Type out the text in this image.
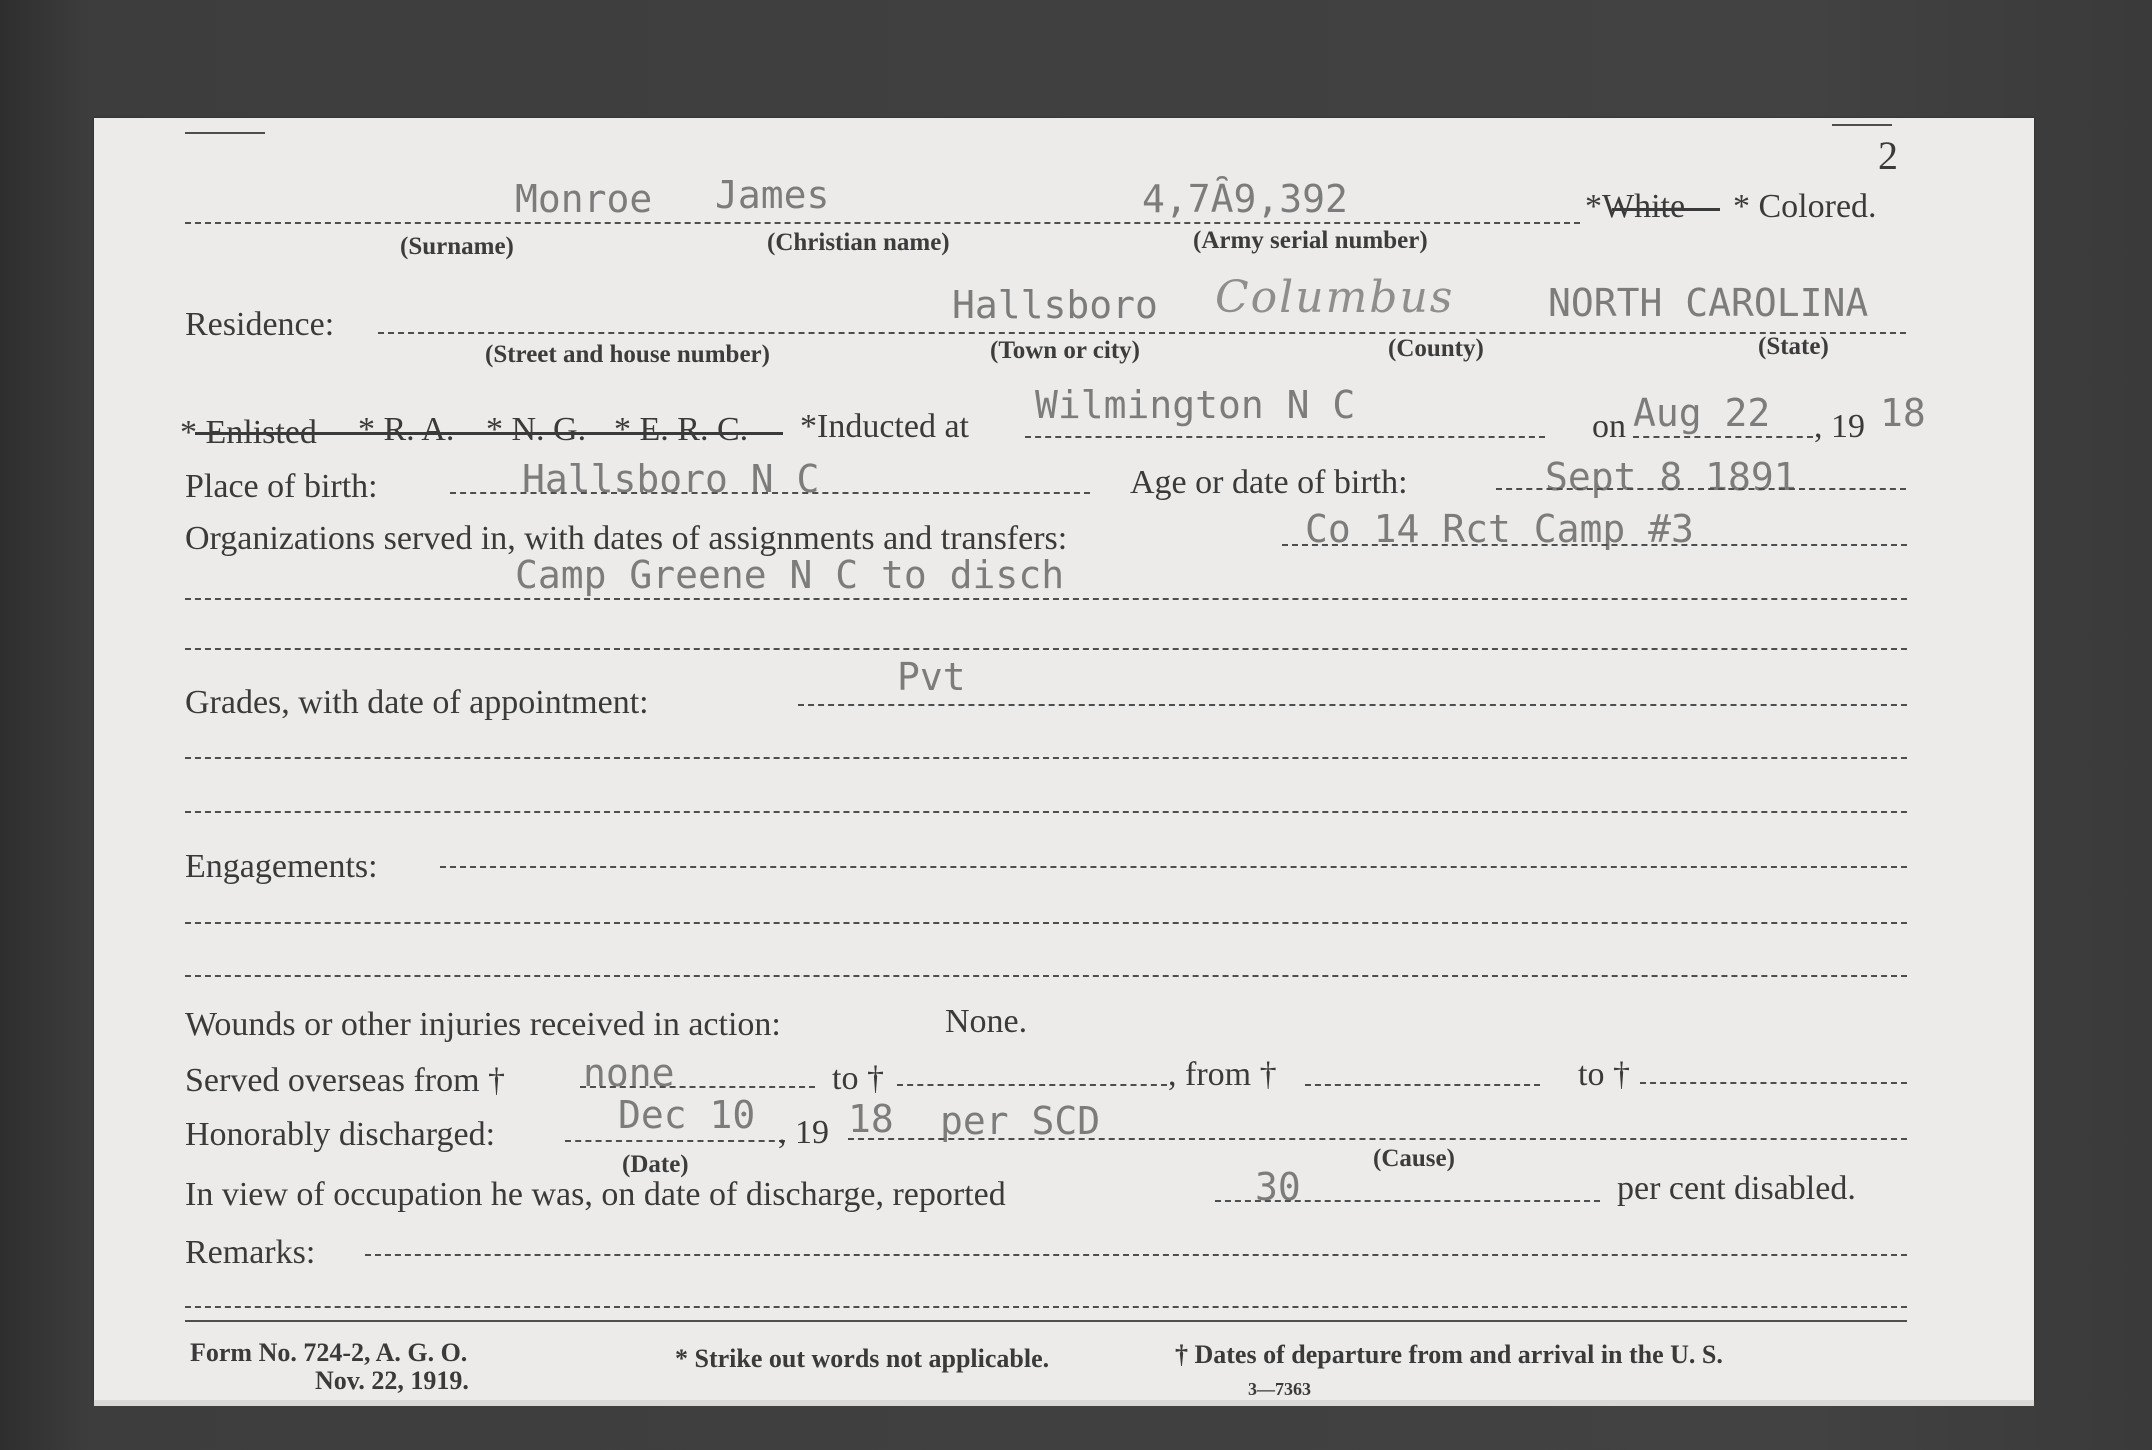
2
Monroe James	4,7Ȃ9,392	*White * Colored.
(Surname)	(Christian name)	(Army serial number)
Residence:	Hallsboro Columbus NORTH CAROLINA
(Street and house number)	(Town or city)	(County)	(State)
* Enlisted * R. A. * N. G. * E. R. C. *Inducted at Wilmington N C	on Aug 22 , 19 18
Place of birth:	Hallsboro N C	Age or date of birth:	Sept 8 1891
Organizations served in, with dates of assignments and transfers:	Co 14 Rct Camp #3
Camp Greene N C to disch
Grades, with date of appointment:
Pvt
Engagements:
Wounds or other injuries received in action:	None.
Served overseas from † none	to †	, from †	to †
Honorably discharged:	Dec 10 , 19 18 per SCD
(Date)	(Cause)
In view of occupation he was, on date of discharge, reported	30	per cent disabled.
Remarks:
Form No. 724-2, A. G. O.
Nov. 22, 1919.
* Strike out words not applicable.	† Dates of departure from and arrival in the U. S.
3—7363
